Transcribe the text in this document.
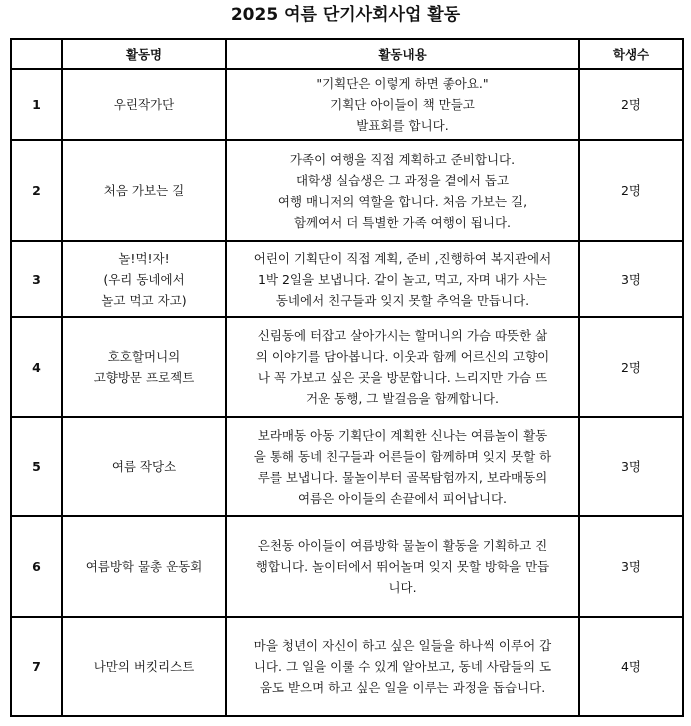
2025 여름 단기사회사업 활동
	활동명	활동내용	학생수
1	우린작가단	"기획단은 이렇게 하면 좋아요."
기획단 아이들이 책 만들고
발표회를 합니다.	2명
2	처음 가보는 길	가족이 여행을 직접 계획하고 준비합니다.
대학생 실습생은 그 과정을 곁에서 돕고
여행 매니저의 역할을 합니다. 처음 가보는 길,
함께여서 더 특별한 가족 여행이 됩니다.	2명
3	놀!먹!자!
(우리 동네에서
놀고 먹고 자고)	어린이 기획단이 직접 계획, 준비 ,진행하여 복지관에서
1박 2일을 보냅니다. 같이 놀고, 먹고, 자며 내가 사는
동네에서 친구들과 잊지 못할 추억을 만듭니다.	3명
4	호호할머니의
고향방문 프로젝트	신림동에 터잡고 살아가시는 할머니의 가슴 따뜻한 삶
의 이야기를 담아봅니다. 이웃과 함께 어르신의 고향이
나 꼭 가보고 싶은 곳을 방문합니다. 느리지만 가슴 뜨
거운 동행, 그 발걸음을 함께합니다.	2명
5	여름 작당소	보라매동 아동 기획단이 계획한 신나는 여름놀이 활동
을 통해 동네 친구들과 어른들이 함께하며 잊지 못할 하
루를 보냅니다. 물놀이부터 골목탐험까지, 보라매동의
여름은 아이들의 손끝에서 피어납니다.	3명
6	여름방학 물총 운동회	은천동 아이들이 여름방학 물놀이 활동을 기획하고 진
행합니다. 놀이터에서 뛰어놀며 잊지 못할 방학을 만듭
니다.	3명
7	나만의 버킷리스트	마을 청년이 자신이 하고 싶은 일들을 하나씩 이루어 갑
니다. 그 일을 이룰 수 있게 알아보고, 동네 사람들의 도
움도 받으며 하고 싶은 일을 이루는 과정을 돕습니다.	4명
